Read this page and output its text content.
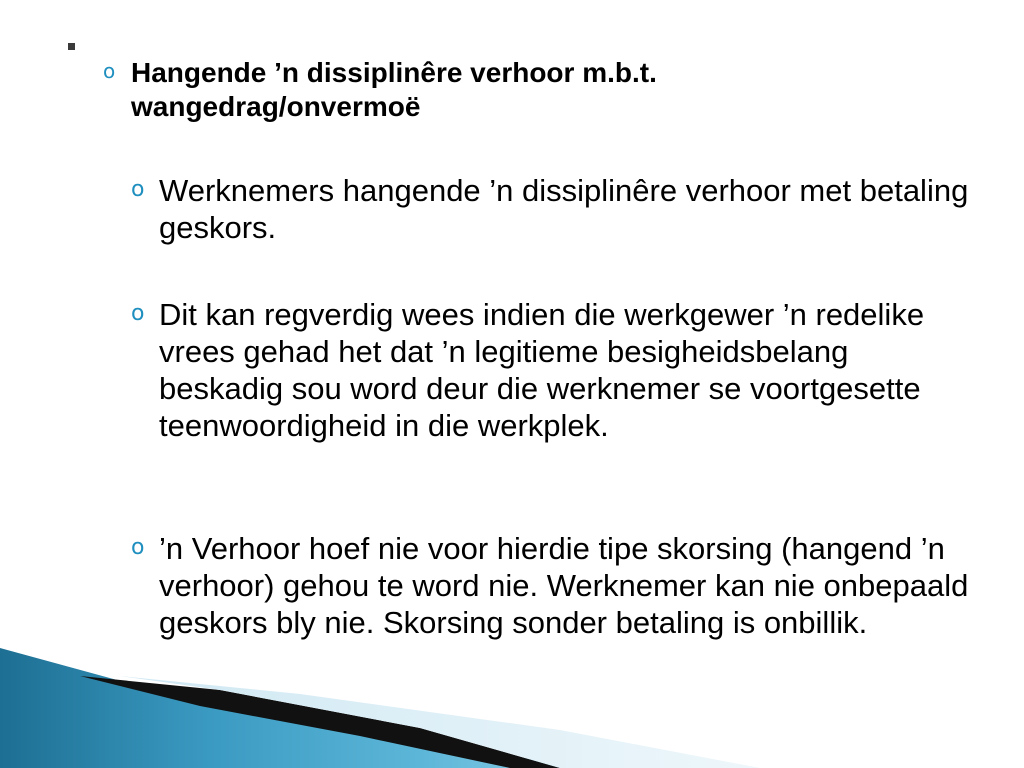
o Hangende ’n dissiplinêre verhoor m.b.t. wangedrag/onvermoë
o Werknemers hangende ’n dissiplinêre verhoor met betaling geskors.
o Dit kan regverdig wees indien die werkgewer ’n redelike vrees gehad het dat ’n legitieme besigheidsbelang beskadig sou word deur die werknemer se voortgesette teenwoordigheid in die werkplek.
o ’n Verhoor hoef nie voor hierdie tipe skorsing (hangend ’n verhoor) gehou te word nie. Werknemer kan nie onbepaald geskors bly nie. Skorsing sonder betaling is onbillik.
